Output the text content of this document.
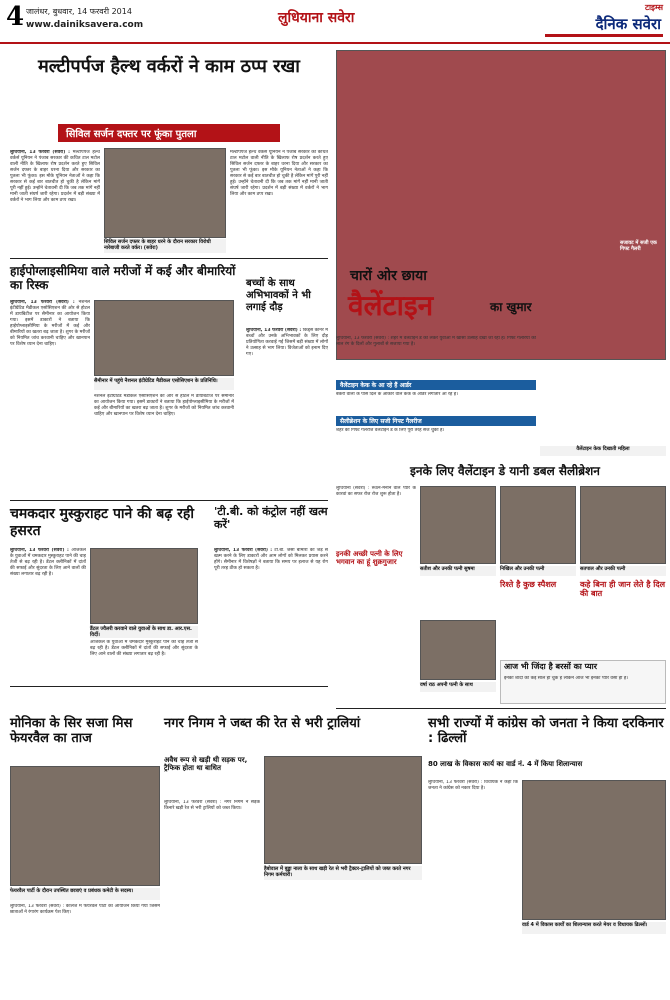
4 जालंधर, बुधवार, 14 फरवरी 2014
www.dainiksavera.com	लुधियाना सवेरा
टाइम्स
दैनिक सवेरा
मल्टीपर्पज हैल्थ वर्करों ने काम ठप्प रखा
सिविल सर्जन दफ्तर पर फूंका पुतला
लुधियाना, 13 फरवरी (सवेरा) : मल्टीपर्पज हैल्थ वर्कर्स यूनियन ने पंजाब सरकार की कथित टाल मटोल वाली नीति के खिलाफ रोष प्रदर्शन करते हुए सिविल सर्जन दफ्तर के बाहर धरना दिया और सरकार का पुतला भी फूंका। इस मौके यूनियन नेताओं ने कहा कि सरकार से कई बार बातचीत हो चुकी है लेकिन मांगें पूरी नहीं हुई। उन्होंने चेतावनी दी कि जब तक मांगें नहीं मानी जाती संघर्ष जारी रहेगा। प्रदर्शन में बड़ी संख्या में वर्करों ने भाग लिया और काम ठप्प रखा।
मल्टीपर्पज हैल्थ वर्कर्स यूनियन ने पंजाब सरकार की कथित टाल मटोल वाली नीति के खिलाफ रोष प्रदर्शन करते हुए सिविल सर्जन दफ्तर के बाहर धरना दिया और सरकार का पुतला भी फूंका। इस मौके यूनियन नेताओं ने कहा कि सरकार से कई बार बातचीत हो चुकी है लेकिन मांगें पूरी नहीं हुई। उन्होंने चेतावनी दी कि जब तक मांगें नहीं मानी जाती संघर्ष जारी रहेगा। प्रदर्शन में बड़ी संख्या में वर्करों ने भाग लिया और काम ठप्प रखा।
सिविल सर्जन दफ्तर के बाहर धरने के दौरान सरकार विरोधी नारेबाजी करते वर्कर। (सवेरा)
हाईपोग्लाइसीमिया वाले मरीजों में कई और बीमारियों का रिस्क
सैमीनार में पहुंचे नैशनल इंटीग्रेटिड मैडीकल एसोसिएशन के प्रतिनिधि।
लुधियाना, 13 फरवरी (सवेरा) : नेशनल इंटीग्रेटिड मैडीकल एसोसिएशन की ओर से होटल में डायबिटीज पर सैमीनार का आयोजन किया गया। इसमें डाक्टरों ने बताया कि हाईपोग्लाइसीमिया के मरीजों में कई और बीमारियों का खतरा बढ़ जाता है। शुगर के मरीजों को नियमित जांच करवानी चाहिए और खानपान पर विशेष ध्यान देना चाहिए।
नेशनल इंटीग्रेटिड मैडीकल एसोसिएशन की ओर से होटल में डायबिटीज पर सैमीनार का आयोजन किया गया। इसमें डाक्टरों ने बताया कि हाईपोग्लाइसीमिया के मरीजों में कई और बीमारियों का खतरा बढ़ जाता है। शुगर के मरीजों को नियमित जांच करवानी चाहिए और खानपान पर विशेष ध्यान देना चाहिए।
बच्चों के साथ अभिभावकों ने भी लगाई दौड़
लुधियाना, 13 फरवरी (सवेरा) : किड्स कार्नर में बच्चों और उनके अभिभावकों के लिए दौड़ प्रतियोगिता करवाई गई जिसमें बड़ी संख्या में लोगों ने उत्साह से भाग लिया। विजेताओं को इनाम दिए गए।
चमकदार मुस्कुराहट पाने की बढ़ रही हसरत
लुधियाना, 13 फरवरी (सवेरा) : आजकल के युवाओं में चमकदार मुस्कुराहट पाने की चाह तेजी से बढ़ रही है। डेंटल क्लीनिकों में दांतों की सफाई और सुंदरता के लिए आने वालों की संख्या लगातार बढ़ रही है।
डैंटल ज्वैलरी करवाने वाले युवाओं के साथ डा. आर.एस. विर्दी।
आजकल के युवाओं में चमकदार मुस्कुराहट पाने की चाह तेजी से बढ़ रही है। डेंटल क्लीनिकों में दांतों की सफाई और सुंदरता के लिए आने वालों की संख्या लगातार बढ़ रही है।
'टी.बी. को कंट्रोल नहीं खत्म करें'
लुधियाना, 13 फरवरी (सवेरा) : टी.बी. जैसी बीमारी को जड़ से खत्म करने के लिए डाक्टरों और आम लोगों को मिलकर प्रयास करने होंगे। सैमीनार में विशेषज्ञों ने बताया कि समय पर इलाज से यह रोग पूरी तरह ठीक हो सकता है।
सजावट में सजी एक गिफ्ट गैलरी
चारों ओर छाया
वैलेंटाइन	का खुमार
लुधियाना, 13 फरवरी (सवेरा) : शहर में वैलेंटाइन डे को लेकर युवाओं में खासा उत्साह देखा जा रहा है। गिफ्ट गैलरियों को लाल रंग के दिलों और गुलाबों से सजाया गया है।
वैलेंटाइन केक के आ रहे हैं आर्डर
बेकरी वालों के पास दिल के आकार वाले केक के आर्डर लगातार आ रहे हैं।
सैलीब्रेशन के लिए सजी गिफ्ट गैलरीज
शहर की गिफ्ट गैलरीज वैलेंटाइन डे के लिए पूरी तरह सज चुकी हैं।
वैलेंटाइन केक दिखाती महिला
इनके लिए वैलेंटाइन डे यानी डबल सैलीब्रेशन
लुधियाना (सवेरा) : रूठने-मनाने वाले प्यार के कारवां का सफर रोज रोज शुरू होता है।
इनकी अच्छी पत्नी के लिए भगवान का हूं शुक्रगुजार
सतीश और उनकी पत्नी सुषमा	निखिल और उनकी पत्नी	सतपाल और उनकी पत्नी
रिश्ते है कुछ स्पैशल	कहे बिना ही जान लेते है दिल की बात
आज भी जिंदा है बरसों का प्यार
इनकी शादी को कई साल हो चुके हैं लेकिन आज भी इनका प्यार वैसा ही है।
वर्षा राठ अपनी पत्नी के साथ
मोनिका के सिर सजा मिस फेयरवैल का ताज
फेयरवैल पार्टी के दौरान उपस्थित छात्राएं व प्रबंधक कमेटी के सदस्य।
लुधियाना, 13 फरवरी (सवेरा) : कालेज में फेयरवैल पार्टी का आयोजन किया गया जिसमें छात्राओं ने रंगारंग कार्यक्रम पेश किए।
नगर निगम ने जब्त की रेत से भरी ट्रालियां
अवैध रूप से खड़ी थी सड़क पर, ट्रैफिक होता था बाधित
हैबोवाल में बुड्ढा नाला के साथ खड़ी रेत से भरी ट्रैक्टर-ट्रालियों को जब्त करते नगर निगम कर्मचारी।
लुधियाना, 13 फरवरी (सवेरा) : नगर निगम ने सड़क किनारे खड़ी रेत से भरी ट्रालियों को जब्त किया।
सभी राज्यों में कांग्रेस को जनता ने किया दरकिनार : ढिल्लों
80 लाख के विकास कार्य का वार्ड नं. 4 में किया शिलान्यास
लुधियाना, 13 फरवरी (सवेरा) : विधायक ने कहा कि जनता ने कांग्रेस को नकार दिया है।
वार्ड 4 में विकास कार्यों का शिलान्यास करते मेयर व विधायक ढिल्लों।
